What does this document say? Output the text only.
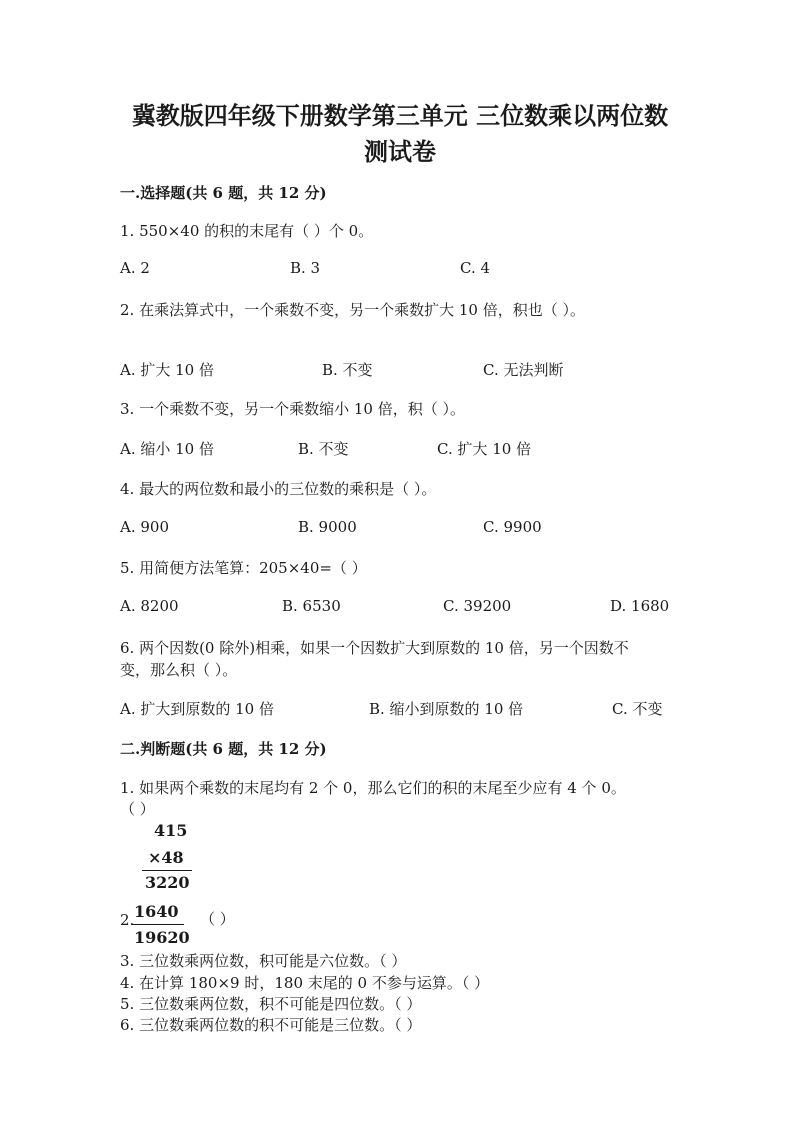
冀教版四年级下册数学第三单元 三位数乘以两位数
测试卷
一.选择题(共 6 题，共 12 分)
1. 550×40 的积的末尾有（ ）个 0。
A. 2	B. 3	C. 4
2. 在乘法算式中，一个乘数不变，另一个乘数扩大 10 倍，积也（ ）。
A. 扩大 10 倍	B. 不变	C. 无法判断
3. 一个乘数不变，另一个乘数缩小 10 倍，积（ ）。
A. 缩小 10 倍	B. 不变	C. 扩大 10 倍
4. 最大的两位数和最小的三位数的乘积是（ ）。
A. 900	B. 9000	C. 9900
5. 用简便方法笔算：205×40=（ ）
A. 8200	B. 6530	C. 39200	D. 1680
6. 两个因数(0 除外)相乘，如果一个因数扩大到原数的 10 倍，另一个因数不
变，那么积（ ）。
A. 扩大到原数的 10 倍	B. 缩小到原数的 10 倍	C. 不变
二.判断题(共 6 题，共 12 分)
1. 如果两个乘数的末尾均有 2 个 0，那么它们的积的末尾至少应有 4 个 0。
（ ）
415
×48
3220
1640
19620
2.	（ ）
3. 三位数乘两位数，积可能是六位数。（ ）
4. 在计算 180×9 时，180 末尾的 0 不参与运算。（ ）
5. 三位数乘两位数，积不可能是四位数。（ ）
6. 三位数乘两位数的积不可能是三位数。（ ）
